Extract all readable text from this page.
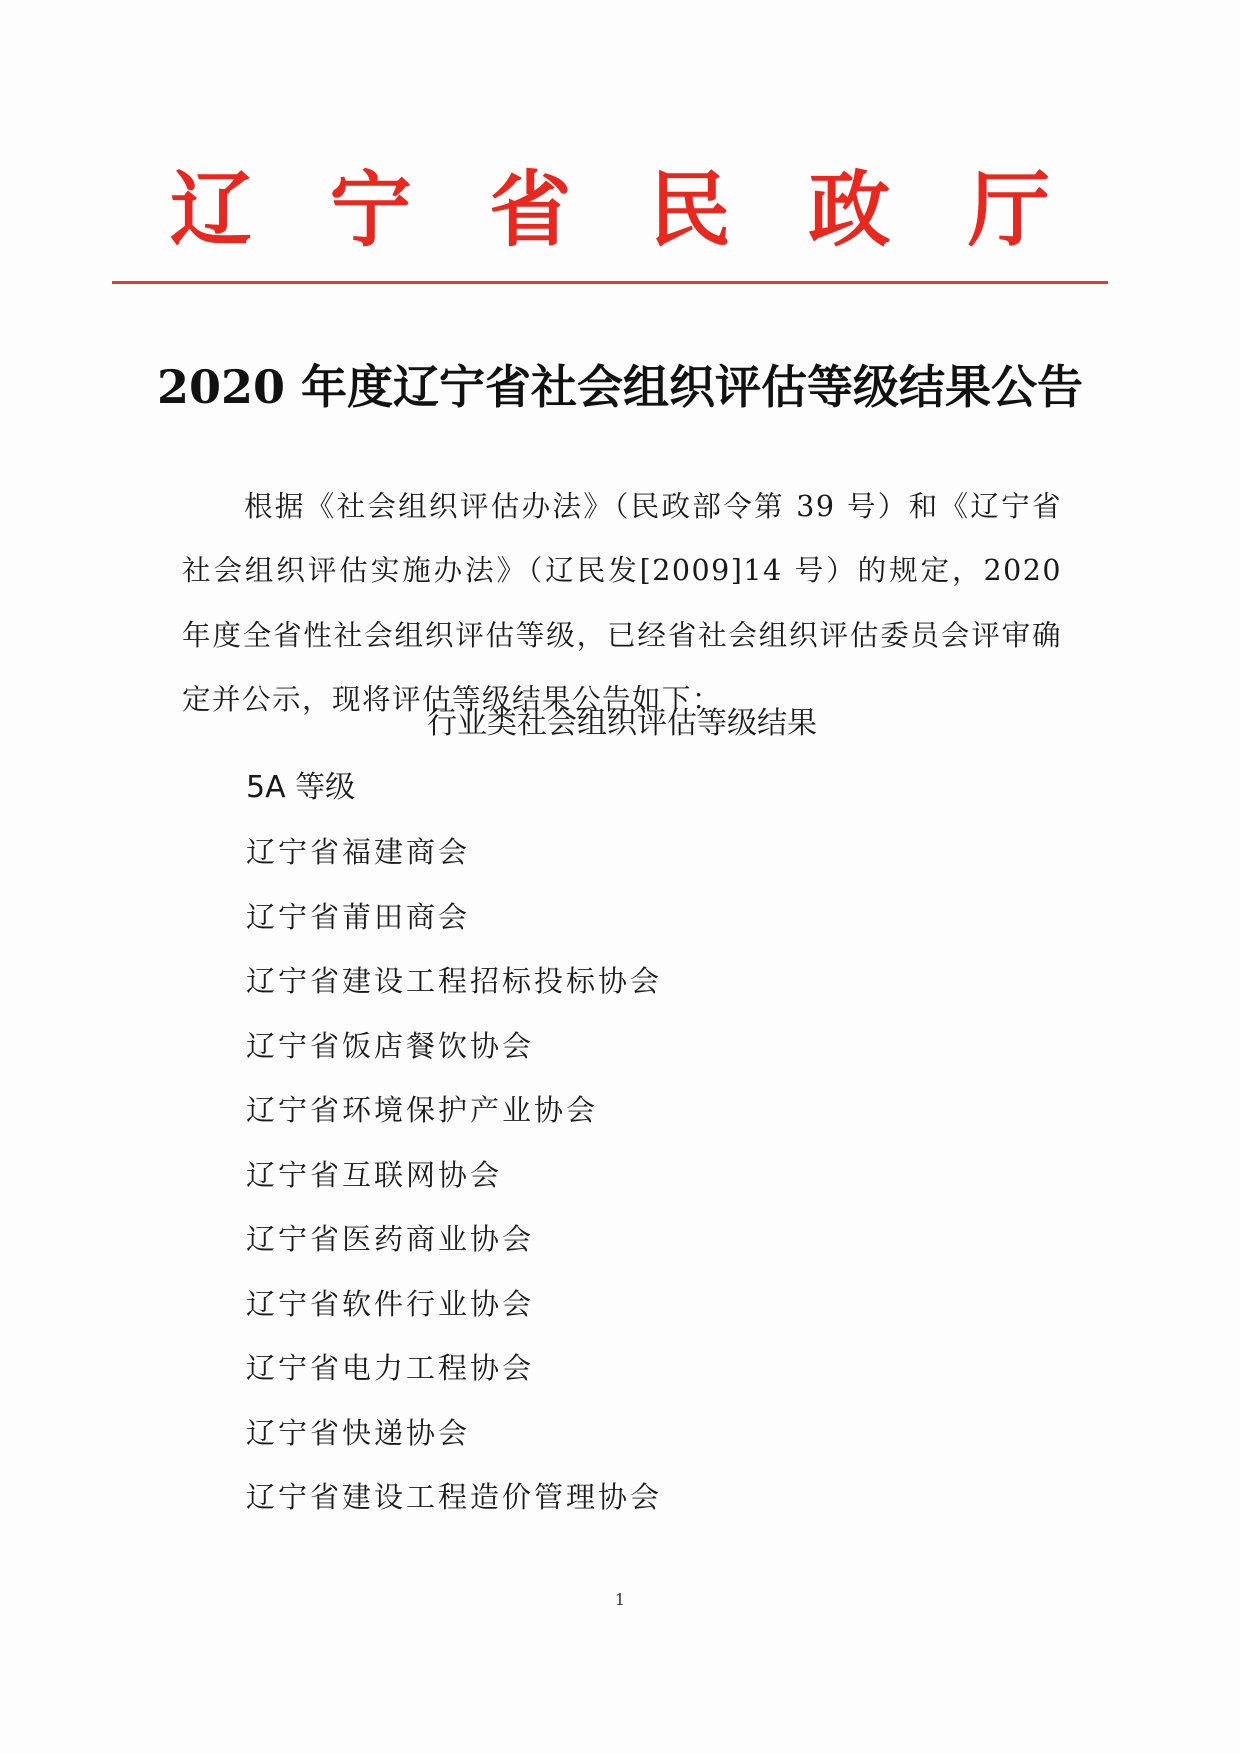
辽 宁 省 民 政 厅
2020 年度辽宁省社会组织评估等级结果公告

根据《社会组织评估办法》（民政部令第 39 号）和《辽宁省社会组织评估实施办法》（辽民发[2009]14 号）的规定，2020 年度全省性社会组织评估等级，已经省社会组织评估委员会评审确定并公示，现将评估等级结果公告如下：

行业类社会组织评估等级结果
5A 等级
辽宁省福建商会
辽宁省莆田商会
辽宁省建设工程招标投标协会
辽宁省饭店餐饮协会
辽宁省环境保护产业协会
辽宁省互联网协会
辽宁省医药商业协会
辽宁省软件行业协会
辽宁省电力工程协会
辽宁省快递协会
辽宁省建设工程造价管理协会
1
